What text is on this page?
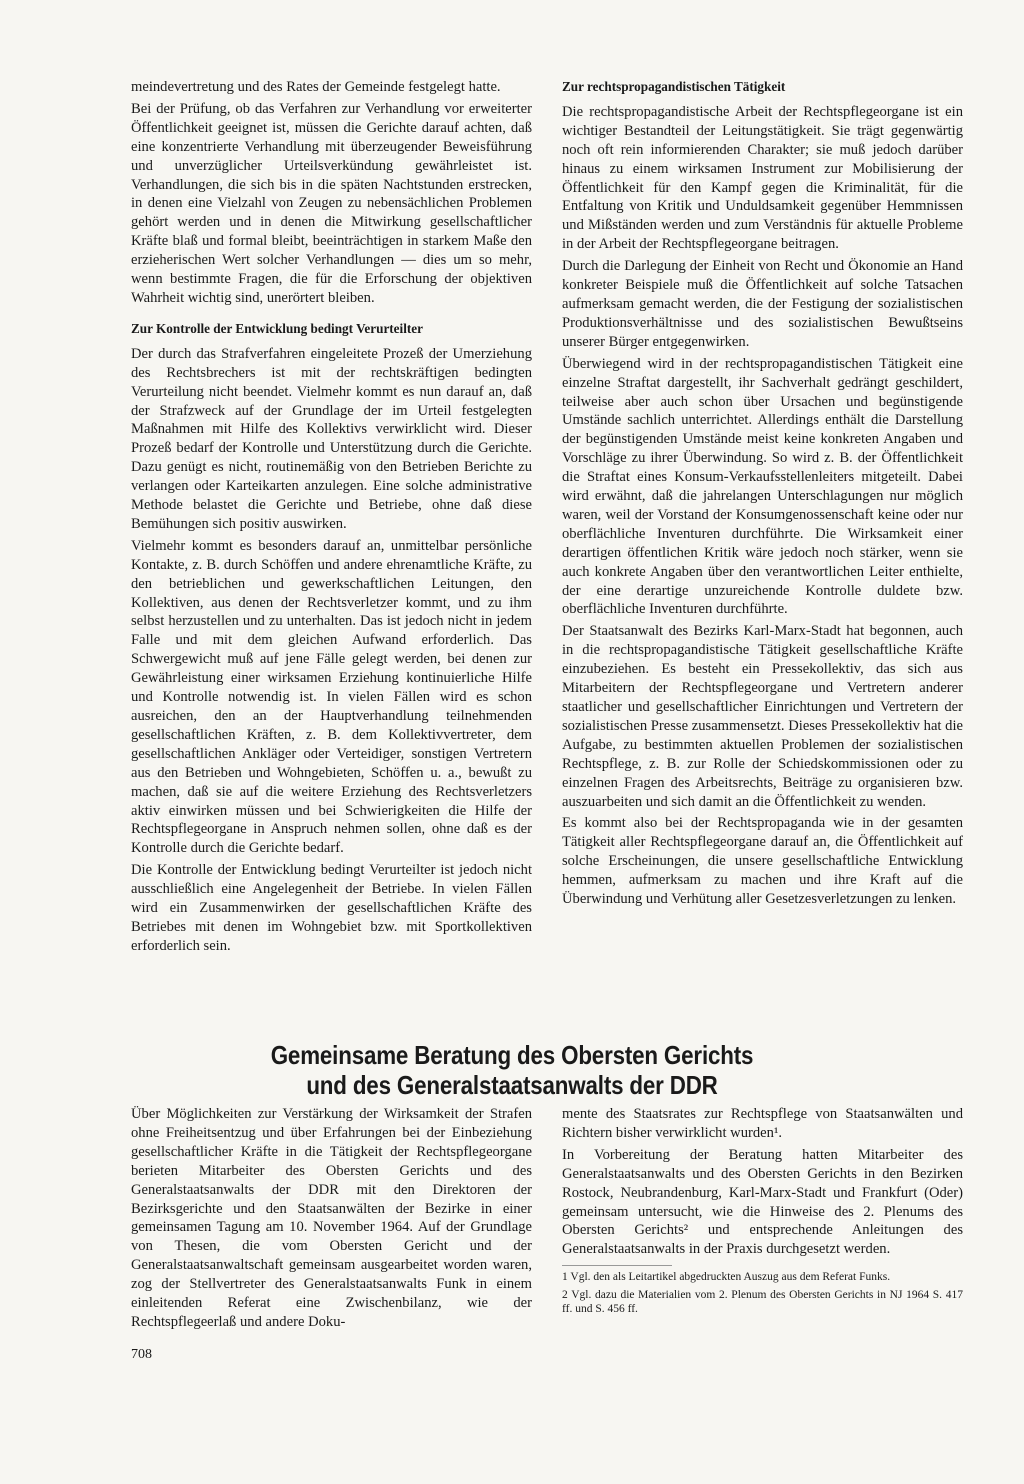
meindevertretung und des Rates der Gemeinde festgelegt hatte.

Bei der Prüfung, ob das Verfahren zur Verhandlung vor erweiterter Öffentlichkeit geeignet ist, müssen die Gerichte darauf achten, daß eine konzentrierte Verhandlung mit überzeugender Beweisführung und unverzüglicher Urteilsverkündung gewährleistet ist. Verhandlungen, die sich bis in die späten Nachtstunden erstrecken, in denen eine Vielzahl von Zeugen zu nebensächlichen Problemen gehört werden und in denen die Mitwirkung gesellschaftlicher Kräfte blaß und formal bleibt, beeinträchtigen in starkem Maße den erzieherischen Wert solcher Verhandlungen — dies um so mehr, wenn bestimmte Fragen, die für die Erforschung der objektiven Wahrheit wichtig sind, unerörtert bleiben.

Zur Kontrolle der Entwicklung bedingt Verurteilter

Der durch das Strafverfahren eingeleitete Prozeß der Umerziehung des Rechtsbrechers ist mit der rechtskräftigen bedingten Verurteilung nicht beendet. Vielmehr kommt es nun darauf an, daß der Strafzweck auf der Grundlage der im Urteil festgelegten Maßnahmen mit Hilfe des Kollektivs verwirklicht wird. Dieser Prozeß bedarf der Kontrolle und Unterstützung durch die Gerichte. Dazu genügt es nicht, routinemäßig von den Betrieben Berichte zu verlangen oder Karteikarten anzulegen. Eine solche administrative Methode belastet die Gerichte und Betriebe, ohne daß diese Bemühungen sich positiv auswirken.

Vielmehr kommt es besonders darauf an, unmittelbar persönliche Kontakte, z. B. durch Schöffen und andere ehrenamtliche Kräfte, zu den betrieblichen und gewerkschaftlichen Leitungen, den Kollektiven, aus denen der Rechtsverletzer kommt, und zu ihm selbst herzustellen und zu unterhalten. Das ist jedoch nicht in jedem Falle und mit dem gleichen Aufwand erforderlich. Das Schwergewicht muß auf jene Fälle gelegt werden, bei denen zur Gewährleistung einer wirksamen Erziehung kontinuierliche Hilfe und Kontrolle notwendig ist. In vielen Fällen wird es schon ausreichen, den an der Hauptverhandlung teilnehmenden gesellschaftlichen Kräften, z. B. dem Kollektivvertreter, dem gesellschaftlichen Ankläger oder Verteidiger, sonstigen Vertretern aus den Betrieben und Wohngebieten, Schöffen u. a., bewußt zu machen, daß sie auf die weitere Erziehung des Rechtsverletzers aktiv einwirken müssen und bei Schwierigkeiten die Hilfe der Rechtspflegeorgane in Anspruch nehmen sollen, ohne daß es der Kontrolle durch die Gerichte bedarf.

Die Kontrolle der Entwicklung bedingt Verurteilter ist jedoch nicht ausschließlich eine Angelegenheit der Betriebe. In vielen Fällen wird ein Zusammenwirken der gesellschaftlichen Kräfte des Betriebes mit denen im Wohngebiet bzw. mit Sportkollektiven erforderlich sein.

Zur rechtspropagandistischen Tätigkeit

Die rechtspropagandistische Arbeit der Rechtspflegeorgane ist ein wichtiger Bestandteil der Leitungstätigkeit. Sie trägt gegenwärtig noch oft rein informierenden Charakter; sie muß jedoch darüber hinaus zu einem wirksamen Instrument zur Mobilisierung der Öffentlichkeit für den Kampf gegen die Kriminalität, für die Entfaltung von Kritik und Unduldsamkeit gegenüber Hemmnissen und Mißständen werden und zum Verständnis für aktuelle Probleme in der Arbeit der Rechtspflegeorgane beitragen.

Durch die Darlegung der Einheit von Recht und Ökonomie an Hand konkreter Beispiele muß die Öffentlichkeit auf solche Tatsachen aufmerksam gemacht werden, die der Festigung der sozialistischen Produktionsverhältnisse und des sozialistischen Bewußtseins unserer Bürger entgegenwirken.

Überwiegend wird in der rechtspropagandistischen Tätigkeit eine einzelne Straftat dargestellt, ihr Sachverhalt gedrängt geschildert, teilweise aber auch schon über Ursachen und begünstigende Umstände sachlich unterrichtet. Allerdings enthält die Darstellung der begünstigenden Umstände meist keine konkreten Angaben und Vorschläge zu ihrer Überwindung. So wird z. B. der Öffentlichkeit die Straftat eines Konsum-Verkaufsstellenleiters mitgeteilt. Dabei wird erwähnt, daß die jahrelangen Unterschlagungen nur möglich waren, weil der Vorstand der Konsumgenossenschaft keine oder nur oberflächliche Inventuren durchführte. Die Wirksamkeit einer derartigen öffentlichen Kritik wäre jedoch noch stärker, wenn sie auch konkrete Angaben über den verantwortlichen Leiter enthielte, der eine derartige unzureichende Kontrolle duldete bzw. oberflächliche Inventuren durchführte.

Der Staatsanwalt des Bezirks Karl-Marx-Stadt hat begonnen, auch in die rechtspropagandistische Tätigkeit gesellschaftliche Kräfte einzubeziehen. Es besteht ein Pressekollektiv, das sich aus Mitarbeitern der Rechtspflegeorgane und Vertretern anderer staatlicher und gesellschaftlicher Einrichtungen und Vertretern der sozialistischen Presse zusammensetzt. Dieses Pressekollektiv hat die Aufgabe, zu bestimmten aktuellen Problemen der sozialistischen Rechtspflege, z. B. zur Rolle der Schiedskommissionen oder zu einzelnen Fragen des Arbeitsrechts, Beiträge zu organisieren bzw. auszuarbeiten und sich damit an die Öffentlichkeit zu wenden.

Es kommt also bei der Rechtspropaganda wie in der gesamten Tätigkeit aller Rechtspflegeorgane darauf an, die Öffentlichkeit auf solche Erscheinungen, die unsere gesellschaftliche Entwicklung hemmen, aufmerksam zu machen und ihre Kraft auf die Überwindung und Verhütung aller Gesetzesverletzungen zu lenken.

Gemeinsame Beratung des Obersten Gerichts
und des Generalstaatsanwalts der DDR

Über Möglichkeiten zur Verstärkung der Wirksamkeit der Strafen ohne Freiheitsentzug und über Erfahrungen bei der Einbeziehung gesellschaftlicher Kräfte in die Tätigkeit der Rechtspflegeorgane berieten Mitarbeiter des Obersten Gerichts und des Generalstaatsanwalts der DDR mit den Direktoren der Bezirksgerichte und den Staatsanwälten der Bezirke in einer gemeinsamen Tagung am 10. November 1964. Auf der Grundlage von Thesen, die vom Obersten Gericht und der Generalstaatsanwaltschaft gemeinsam ausgearbeitet worden waren, zog der Stellvertreter des Generalstaatsanwalts Funk in einem einleitenden Referat eine Zwischenbilanz, wie der Rechtspflegeerlaß und andere Doku-

mente des Staatsrates zur Rechtspflege von Staatsanwälten und Richtern bisher verwirklicht wurden¹.

In Vorbereitung der Beratung hatten Mitarbeiter des Generalstaatsanwalts und des Obersten Gerichts in den Bezirken Rostock, Neubrandenburg, Karl-Marx-Stadt und Frankfurt (Oder) gemeinsam untersucht, wie die Hinweise des 2. Plenums des Obersten Gerichts² und entsprechende Anleitungen des Generalstaatsanwalts in der Praxis durchgesetzt werden.

1 Vgl. den als Leitartikel abgedruckten Auszug aus dem Referat Funks.

2 Vgl. dazu die Materialien vom 2. Plenum des Obersten Gerichts in NJ 1964 S. 417 ff. und S. 456 ff.

708
